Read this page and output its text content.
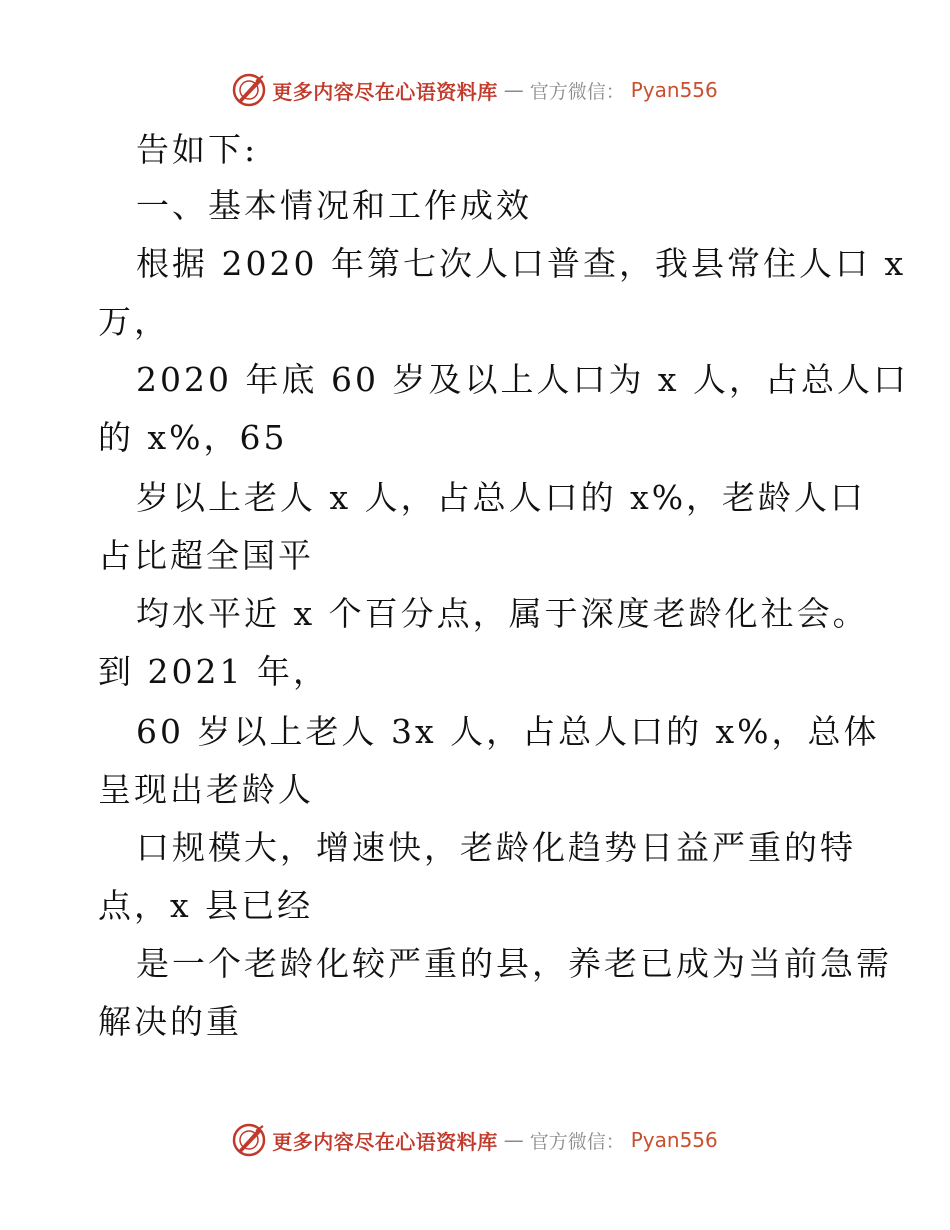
更多内容尽在心语资料库 — 官方微信： Pyan556
告如下:
一、基本情况和工作成效
根据 2020 年第七次人口普查，我县常住人口 x
万，
2020 年底 60 岁及以上人口为 x 人，占总人口
的 x%，65
岁以上老人 x 人，占总人口的 x%，老龄人口
占比超全国平
均水平近 x 个百分点，属于深度老龄化社会。
到 2021 年，
60 岁以上老人 3x 人，占总人口的 x%，总体
呈现出老龄人
口规模大，增速快，老龄化趋势日益严重的特
点，x 县已经
是一个老龄化较严重的县，养老已成为当前急需
解决的重
更多内容尽在心语资料库 — 官方微信： Pyan556
